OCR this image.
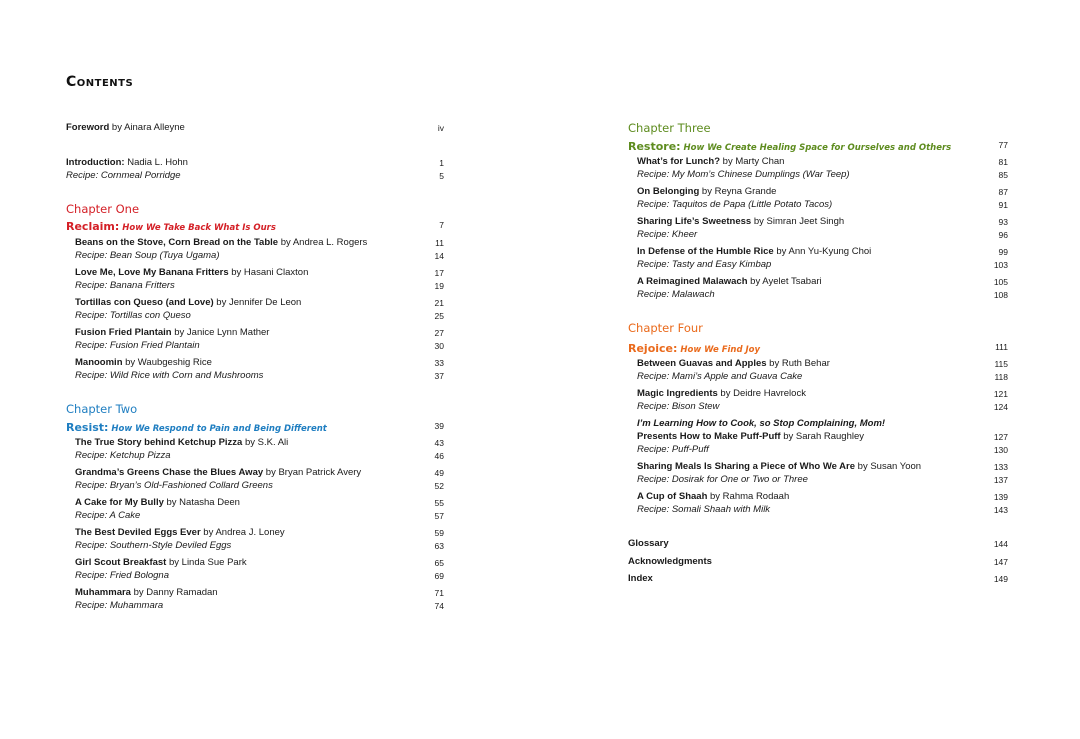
Contents
Foreword by Ainara Alleyne	iv
Introduction: Nadia L. Hohn	1
Recipe: Cornmeal Porridge	5
Chapter One
Reclaim: How We Take Back What Is Ours	7
Beans on the Stove, Corn Bread on the Table by Andrea L. Rogers	11
Recipe: Bean Soup (Tuya Ugama)	14
Love Me, Love My Banana Fritters by Hasani Claxton	17
Recipe: Banana Fritters	19
Tortillas con Queso (and Love) by Jennifer De Leon	21
Recipe: Tortillas con Queso	25
Fusion Fried Plantain by Janice Lynn Mather	27
Recipe: Fusion Fried Plantain	30
Manoomin by Waubgeshig Rice	33
Recipe: Wild Rice with Corn and Mushrooms	37
Chapter Two
Resist: How We Respond to Pain and Being Different	39
The True Story behind Ketchup Pizza by S.K. Ali	43
Recipe: Ketchup Pizza	46
Grandma’s Greens Chase the Blues Away by Bryan Patrick Avery	49
Recipe: Bryan’s Old-Fashioned Collard Greens	52
A Cake for My Bully by Natasha Deen	55
Recipe: A Cake	57
The Best Deviled Eggs Ever by Andrea J. Loney	59
Recipe: Southern-Style Deviled Eggs	63
Girl Scout Breakfast by Linda Sue Park	65
Recipe: Fried Bologna	69
Muhammara by Danny Ramadan	71
Recipe: Muhammara	74
Chapter Three
Restore: How We Create Healing Space for Ourselves and Others	77
What’s for Lunch? by Marty Chan	81
Recipe: My Mom’s Chinese Dumplings (War Teep)	85
On Belonging by Reyna Grande	87
Recipe: Taquitos de Papa (Little Potato Tacos)	91
Sharing Life’s Sweetness by Simran Jeet Singh	93
Recipe: Kheer	96
In Defense of the Humble Rice by Ann Yu-Kyung Choi	99
Recipe: Tasty and Easy Kimbap	103
A Reimagined Malawach by Ayelet Tsabari	105
Recipe: Malawach	108
Chapter Four
Rejoice: How We Find Joy	111
Between Guavas and Apples by Ruth Behar	115
Recipe: Mami’s Apple and Guava Cake	118
Magic Ingredients by Deidre Havrelock	121
Recipe: Bison Stew	124
I’m Learning How to Cook, so Stop Complaining, Mom!
Presents How to Make Puff-Puff by Sarah Raughley	127
Recipe: Puff-Puff	130
Sharing Meals Is Sharing a Piece of Who We Are by Susan Yoon	133
Recipe: Dosirak for One or Two or Three	137
A Cup of Shaah by Rahma Rodaah	139
Recipe: Somali Shaah with Milk	143
Glossary	144
Acknowledgments	147
Index	149
